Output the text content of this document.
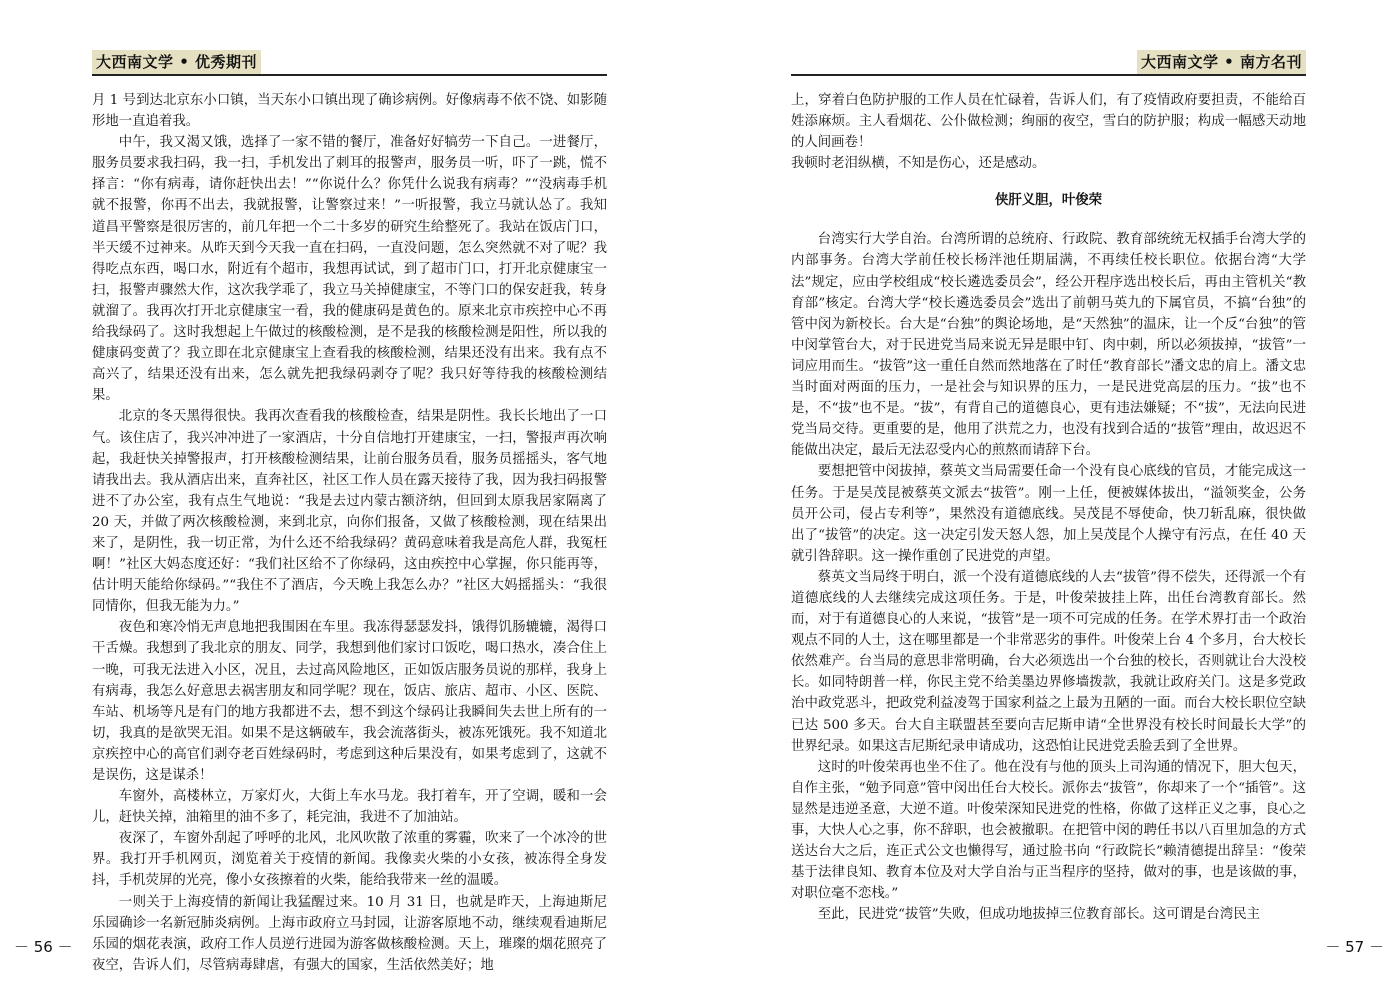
大西南文学 • 优秀期刊

月 1 号到达北京东小口镇，当天东小口镇出现了确诊病例。好像病毒不依不饶、如影随形地一直追着我。

中午，我又渴又饿，选择了一家不错的餐厅，准备好好犒劳一下自己。一进餐厅，服务员要求我扫码，我一扫，手机发出了刺耳的报警声，服务员一听，吓了一跳，慌不择言：“你有病毒，请你赶快出去！”“你说什么？你凭什么说我有病毒？”“没病毒手机就不报警，你再不出去，我就报警，让警察过来！”一听报警，我立马就认怂了。我知道昌平警察是很厉害的，前几年把一个二十多岁的研究生给整死了。我站在饭店门口，半天缓不过神来。从昨天到今天我一直在扫码，一直没问题，怎么突然就不对了呢？我得吃点东西，喝口水，附近有个超市，我想再试试，到了超市门口，打开北京健康宝一扫，报警声骤然大作，这次我学乖了，我立马关掉健康宝，不等门口的保安赶我，转身就溜了。我再次打开北京健康宝一看，我的健康码是黄色的。原来北京市疾控中心不再给我绿码了。这时我想起上午做过的核酸检测，是不是我的核酸检测是阳性，所以我的健康码变黄了？我立即在北京健康宝上查看我的核酸检测，结果还没有出来。我有点不高兴了，结果还没有出来，怎么就先把我绿码剥夺了呢？我只好等待我的核酸检测结果。

北京的冬天黑得很快。我再次查看我的核酸检查，结果是阴性。我长长地出了一口气。该住店了，我兴冲冲进了一家酒店，十分自信地打开建康宝，一扫，警报声再次响起，我赶快关掉警报声，打开核酸检测结果，让前台服务员看，服务员摇摇头，客气地请我出去。我从酒店出来，直奔社区，社区工作人员在露天接待了我，因为我扫码报警进不了办公室，我有点生气地说：“我是去过内蒙古额济纳，但回到太原我居家隔离了 20 天，并做了两次核酸检测，来到北京，向你们报备，又做了核酸检测，现在结果出来了，是阴性，我一切正常，为什么还不给我绿码？黄码意味着我是高危人群，我冤枉啊！”社区大妈态度还好：“我们社区给不了你绿码，这由疾控中心掌握，你只能再等，估计明天能给你绿码。”“我住不了酒店，今天晚上我怎么办？”社区大妈摇摇头：“我很同情你，但我无能为力。”

夜色和寒冷悄无声息地把我围困在车里。我冻得瑟瑟发抖，饿得饥肠辘辘，渴得口干舌燥。我想到了我北京的朋友、同学，我想到他们家讨口饭吃，喝口热水，凑合住上一晚，可我无法进入小区，况且，去过高风险地区，正如饭店服务员说的那样，我身上有病毒，我怎么好意思去祸害朋友和同学呢？现在，饭店、旅店、超市、小区、医院、车站、机场等凡是有门的地方我都进不去，想不到这个绿码让我瞬间失去世上所有的一切，我真的是欲哭无泪。如果不是这辆破车，我会流落街头，被冻死饿死。我不知道北京疾控中心的高官们剥夺老百姓绿码时，考虑到这种后果没有，如果考虑到了，这就不是误伤，这是谋杀！

车窗外，高楼林立，万家灯火，大街上车水马龙。我打着车，开了空调，暖和一会儿，赶快关掉，油箱里的油不多了，耗完油，我进不了加油站。

夜深了，车窗外刮起了呼呼的北风，北风吹散了浓重的雾霾，吹来了一个冰冷的世界。我打开手机网页，浏览着关于疫情的新闻。我像卖火柴的小女孩，被冻得全身发抖，手机荧屏的光亮，像小女孩擦着的火柴，能给我带来一丝的温暖。

一则关于上海疫情的新闻让我猛醒过来。10 月 31 日，也就是昨天，上海迪斯尼乐园确诊一名新冠肺炎病例。上海市政府立马封园，让游客原地不动，继续观看迪斯尼乐园的烟花表演，政府工作人员逆行进园为游客做核酸检测。天上，璀璨的烟花照亮了夜空，告诉人们，尽管病毒肆虐，有强大的国家，生活依然美好；地

－ 56 －
大西南文学 • 南方名刊

上，穿着白色防护服的工作人员在忙碌着，告诉人们，有了疫情政府要担责，不能给百姓添麻烦。主人看烟花、公仆做检测；绚丽的夜空，雪白的防护服；构成一幅感天动地的人间画卷！

我顿时老泪纵横，不知是伤心，还是感动。

侠肝义胆，叶俊荣

台湾实行大学自治。台湾所谓的总统府、行政院、教育部统统无权插手台湾大学的内部事务。台湾大学前任校长杨泮池任期届满，不再续任校长职位。依据台湾“大学法”规定，应由学校组成“校长遴选委员会”，经公开程序选出校长后，再由主管机关“教育部”核定。台湾大学“校长遴选委员会”选出了前朝马英九的下属官员，不搞“台独”的管中闵为新校长。台大是“台独”的舆论场地，是“天然独”的温床，让一个反“台独”的管中闵掌管台大，对于民进党当局来说无异是眼中钉、肉中刺，所以必须拔掉，“拔管”一词应用而生。“拔管”这一重任自然而然地落在了时任“教育部长”潘文忠的肩上。潘文忠当时面对两面的压力，一是社会与知识界的压力，一是民进党高层的压力。“拔”也不是，不“拔”也不是。“拔”，有背自己的道德良心，更有违法嫌疑；不“拔”，无法向民进党当局交待。更重要的是，他用了洪荒之力，也没有找到合适的“拔管”理由，故迟迟不能做出决定，最后无法忍受内心的煎熬而请辞下台。

要想把管中闵拔掉，蔡英文当局需要任命一个没有良心底线的官员，才能完成这一任务。于是吴茂昆被蔡英文派去“拔管”。刚一上任，便被媒体拔出，“溢领奖金，公务员开公司，侵占专利等”，果然没有道德底线。吴茂昆不辱使命，快刀斩乱麻，很快做出了“拔管”的决定。这一决定引发天怒人怨，加上吴茂昆个人操守有污点，在任 40 天就引咎辞职。这一操作重创了民进党的声望。

蔡英文当局终于明白，派一个没有道德底线的人去“拔管”得不偿失，还得派一个有道德底线的人去继续完成这项任务。于是，叶俊荣披挂上阵，出任台湾教育部长。然而，对于有道德良心的人来说，“拔管”是一项不可完成的任务。在学术界打击一个政治观点不同的人士，这在哪里都是一个非常恶劣的事件。叶俊荣上台 4 个多月，台大校长依然难产。台当局的意思非常明确，台大必须选出一个台独的校长，否则就让台大没校长。如同特朗普一样，你民主党不给美墨边界修墙拨款，我就让政府关门。这是多党政治中政党恶斗，把政党利益凌驾于国家利益之上最为丑陋的一面。而台大校长职位空缺已达 500 多天。台大自主联盟甚至要向吉尼斯申请“全世界没有校长时间最长大学”的世界纪录。如果这吉尼斯纪录申请成功，这恐怕让民进党丢脸丢到了全世界。

这时的叶俊荣再也坐不住了。他在没有与他的顶头上司沟通的情况下，胆大包天，自作主张，“勉予同意”管中闵出任台大校长。派你去“拔管”，你却来了一个“插管”。这显然是违逆圣意，大逆不道。叶俊荣深知民进党的性格，你做了这样正义之事，良心之事，大快人心之事，你不辞职，也会被撤职。在把管中闵的聘任书以八百里加急的方式送达台大之后，连正式公文也懒得写，通过脸书向 “行政院长”赖清德提出辞呈：“俊荣基于法律良知、教育本位及对大学自治与正当程序的坚持，做对的事，也是该做的事，对职位毫不恋栈。”

至此，民进党“拔管”失败，但成功地拔掉三位教育部长。这可谓是台湾民主

－ 57 －
